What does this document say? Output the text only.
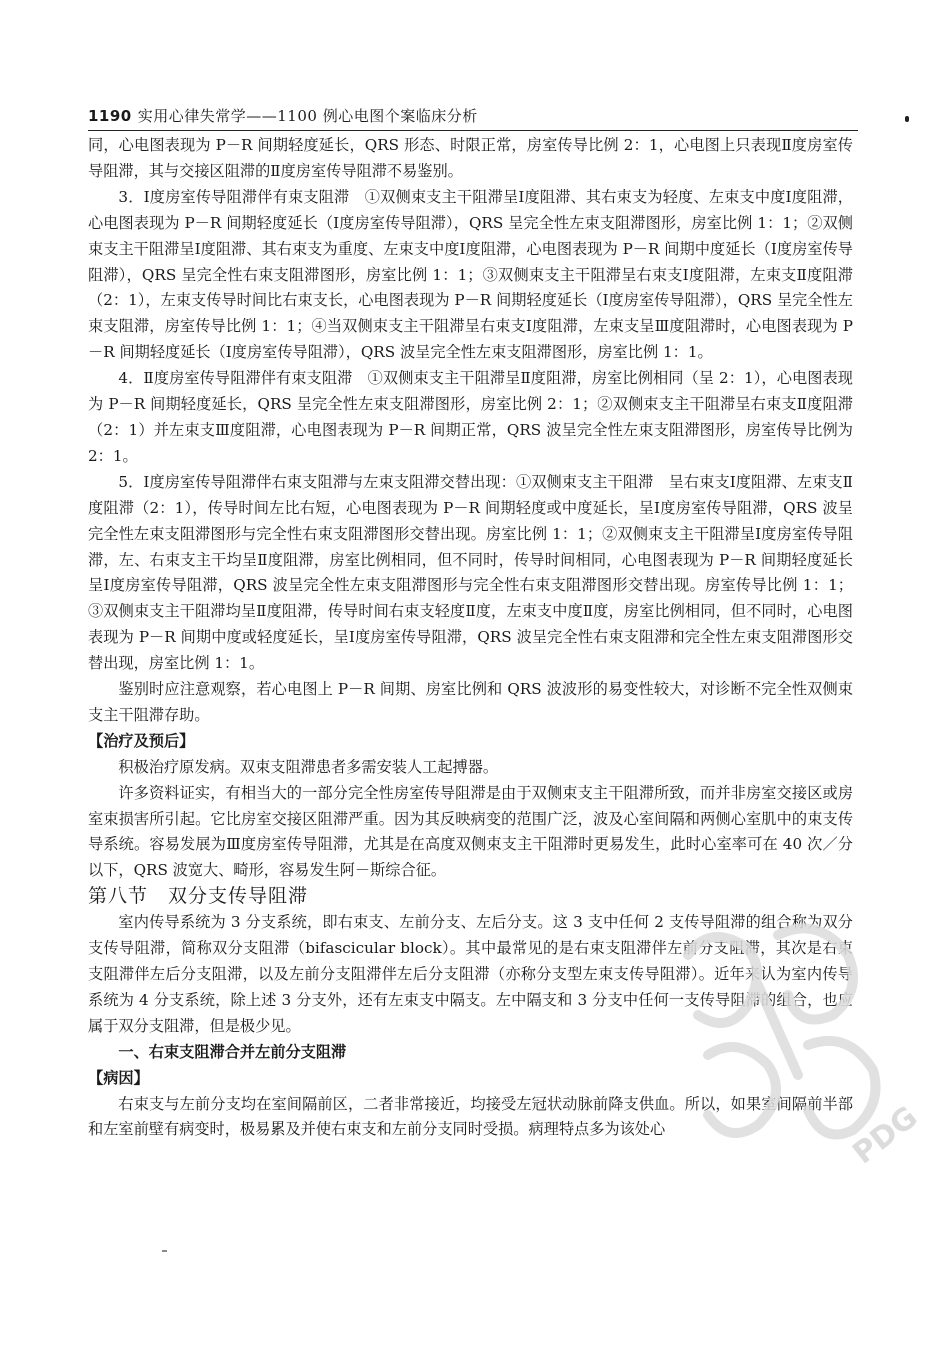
1190 实用心律失常学——1100 例心电图个案临床分析

同，心电图表现为 P－R 间期轻度延长，QRS 形态、时限正常，房室传导比例 2：1，心电图上只表现Ⅱ度房室传导阻滞，其与交接区阻滞的Ⅱ度房室传导阻滞不易鉴别。

3．Ⅰ度房室传导阻滞伴有束支阻滞　①双侧束支主干阻滞呈Ⅰ度阻滞、其右束支为轻度、左束支中度Ⅰ度阻滞，心电图表现为 P－R 间期轻度延长（Ⅰ度房室传导阻滞），QRS 呈完全性左束支阻滞图形，房室比例 1：1；②双侧束支主干阻滞呈Ⅰ度阻滞、其右束支为重度、左束支中度Ⅰ度阻滞，心电图表现为 P－R 间期中度延长（Ⅰ度房室传导阻滞），QRS 呈完全性右束支阻滞图形，房室比例 1：1；③双侧束支主干阻滞呈右束支Ⅰ度阻滞，左束支Ⅱ度阻滞（2：1），左束支传导时间比右束支长，心电图表现为 P－R 间期轻度延长（Ⅰ度房室传导阻滞），QRS 呈完全性左束支阻滞，房室传导比例 1：1；④当双侧束支主干阻滞呈右束支Ⅰ度阻滞，左束支呈Ⅲ度阻滞时，心电图表现为 P－R 间期轻度延长（Ⅰ度房室传导阻滞），QRS 波呈完全性左束支阻滞图形，房室比例 1：1。

4．Ⅱ度房室传导阻滞伴有束支阻滞　①双侧束支主干阻滞呈Ⅱ度阻滞，房室比例相同（呈 2：1），心电图表现为 P－R 间期轻度延长，QRS 呈完全性左束支阻滞图形，房室比例 2：1；②双侧束支主干阻滞呈右束支Ⅱ度阻滞（2：1）并左束支Ⅲ度阻滞，心电图表现为 P－R 间期正常，QRS 波呈完全性左束支阻滞图形，房室传导比例为 2：1。

5．Ⅰ度房室传导阻滞伴右束支阻滞与左束支阻滞交替出现：①双侧束支主干阻滞　呈右束支Ⅰ度阻滞、左束支Ⅱ度阻滞（2：1），传导时间左比右短，心电图表现为 P－R 间期轻度或中度延长，呈Ⅰ度房室传导阻滞，QRS 波呈完全性左束支阻滞图形与完全性右束支阻滞图形交替出现。房室比例 1：1；②双侧束支主干阻滞呈Ⅰ度房室传导阻滞，左、右束支主干均呈Ⅱ度阻滞，房室比例相同，但不同时，传导时间相同，心电图表现为 P－R 间期轻度延长呈Ⅰ度房室传导阻滞，QRS 波呈完全性左束支阻滞图形与完全性右束支阻滞图形交替出现。房室传导比例 1：1；③双侧束支主干阻滞均呈Ⅱ度阻滞，传导时间右束支轻度Ⅱ度，左束支中度Ⅱ度，房室比例相同，但不同时，心电图表现为 P－R 间期中度或轻度延长，呈Ⅰ度房室传导阻滞，QRS 波呈完全性右束支阻滞和完全性左束支阻滞图形交替出现，房室比例 1：1。

鉴别时应注意观察，若心电图上 P－R 间期、房室比例和 QRS 波波形的易变性较大，对诊断不完全性双侧束支主干阻滞存助。

【治疗及预后】

积极治疗原发病。双束支阻滞患者多需安装人工起搏器。

许多资料证实，有相当大的一部分完全性房室传导阻滞是由于双侧束支主干阻滞所致，而并非房室交接区或房室束损害所引起。它比房室交接区阻滞严重。因为其反映病变的范围广泛，波及心室间隔和两侧心室肌中的束支传导系统。容易发展为Ⅲ度房室传导阻滞，尤其是在高度双侧束支主干阻滞时更易发生，此时心室率可在 40 次／分以下，QRS 波宽大、畸形，容易发生阿－斯综合征。

第八节　双分支传导阻滞

室内传导系统为 3 分支系统，即右束支、左前分支、左后分支。这 3 支中任何 2 支传导阻滞的组合称为双分支传导阻滞，简称双分支阻滞（bifascicular block）。其中最常见的是右束支阻滞伴左前分支阻滞，其次是右束支阻滞伴左后分支阻滞，以及左前分支阻滞伴左后分支阻滞（亦称分支型左束支传导阻滞）。近年来认为室内传导系统为 4 分支系统，除上述 3 分支外，还有左束支中隔支。左中隔支和 3 分支中任何一支传导阻滞的组合，也应属于双分支阻滞，但是极少见。

一、右束支阻滞合并左前分支阻滞

【病因】

右束支与左前分支均在室间隔前区，二者非常接近，均接受左冠状动脉前降支供血。所以，如果室间隔前半部和左室前壁有病变时，极易累及并使右束支和左前分支同时受损。病理特点多为该处心	PDG
